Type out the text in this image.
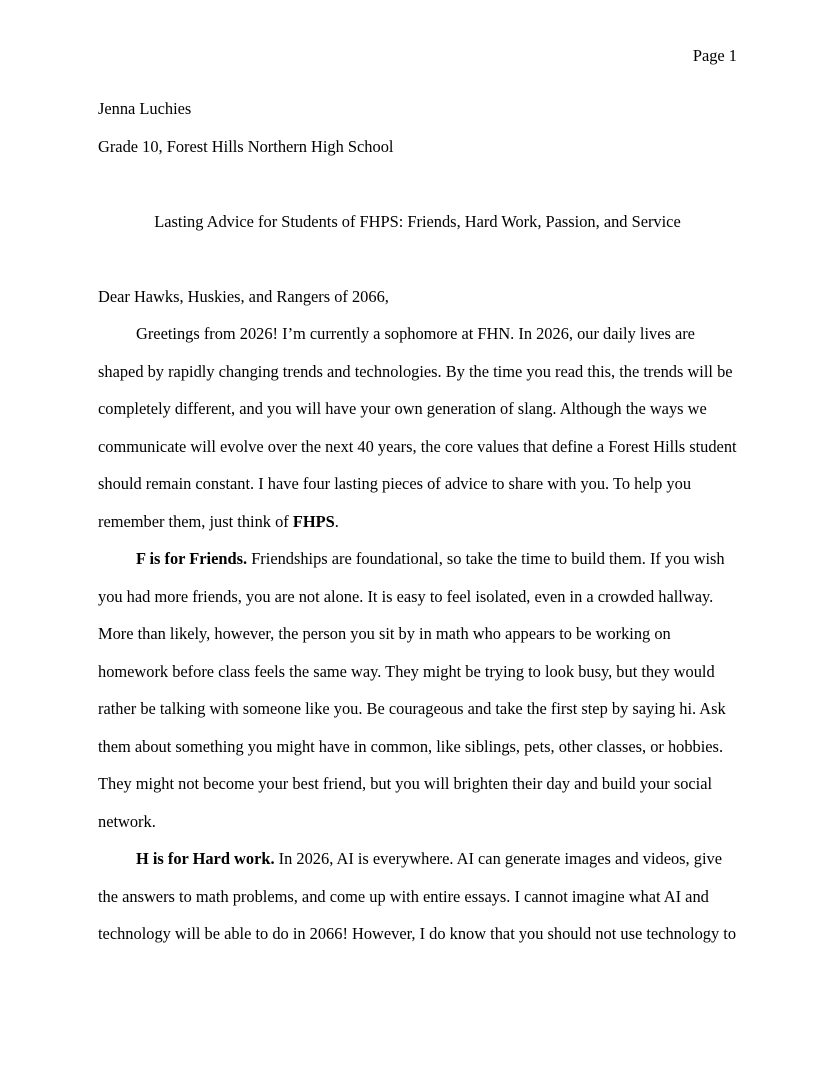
Page 1

Jenna Luchies

Grade 10, Forest Hills Northern High School

Lasting Advice for Students of FHPS: Friends, Hard Work, Passion, and Service

Dear Hawks, Huskies, and Rangers of 2066,

Greetings from 2026! I’m currently a sophomore at FHN. In 2026, our daily lives are shaped by rapidly changing trends and technologies. By the time you read this, the trends will be completely different, and you will have your own generation of slang. Although the ways we communicate will evolve over the next 40 years, the core values that define a Forest Hills student should remain constant. I have four lasting pieces of advice to share with you. To help you remember them, just think of FHPS.

F is for Friends. Friendships are foundational, so take the time to build them. If you wish you had more friends, you are not alone. It is easy to feel isolated, even in a crowded hallway. More than likely, however, the person you sit by in math who appears to be working on homework before class feels the same way. They might be trying to look busy, but they would rather be talking with someone like you. Be courageous and take the first step by saying hi. Ask them about something you might have in common, like siblings, pets, other classes, or hobbies. They might not become your best friend, but you will brighten their day and build your social network.

H is for Hard work. In 2026, AI is everywhere. AI can generate images and videos, give the answers to math problems, and come up with entire essays. I cannot imagine what AI and technology will be able to do in 2066! However, I do know that you should not use technology to
